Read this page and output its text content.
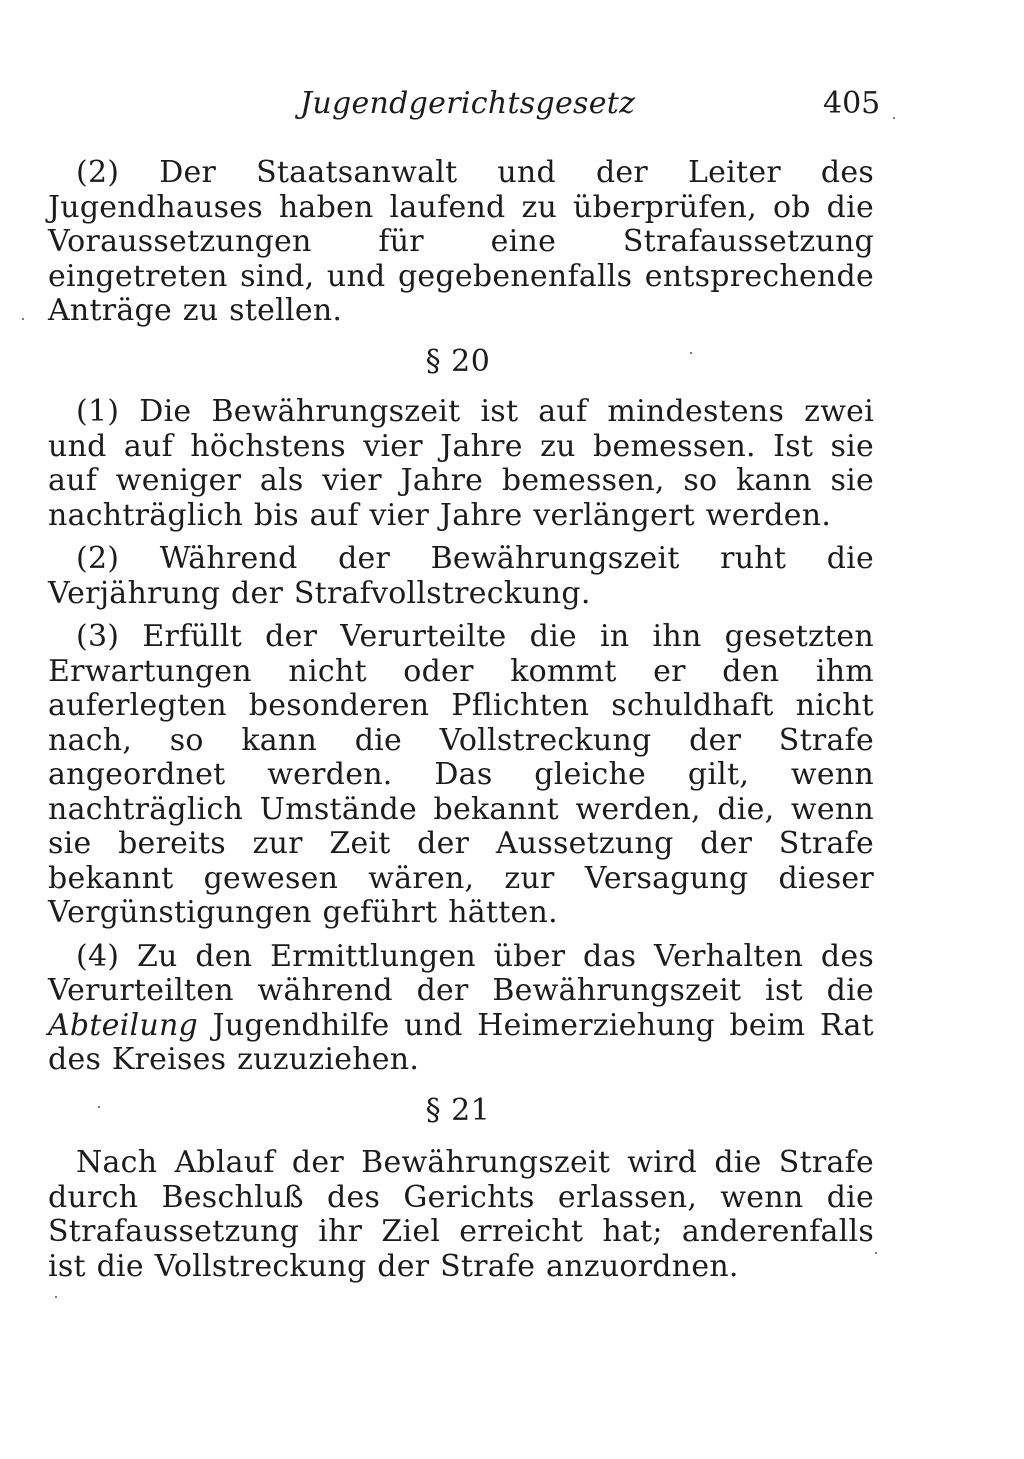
Jugendgerichtsgesetz	405

(2) Der Staatsanwalt und der Leiter des Jugendhauses haben laufend zu überprüfen, ob die Voraussetzungen für eine Strafaussetzung eingetreten sind, und gegebenenfalls entsprechende Anträge zu stellen.

§ 20

(1) Die Bewährungszeit ist auf mindestens zwei und auf höchstens vier Jahre zu bemessen. Ist sie auf weniger als vier Jahre bemessen, so kann sie nachträglich bis auf vier Jahre verlängert werden.

(2) Während der Bewährungszeit ruht die Verjährung der Strafvollstreckung.

(3) Erfüllt der Verurteilte die in ihn gesetzten Erwartungen nicht oder kommt er den ihm auferlegten besonderen Pflichten schuldhaft nicht nach, so kann die Vollstreckung der Strafe angeordnet werden. Das gleiche gilt, wenn nachträglich Umstände bekannt werden, die, wenn sie bereits zur Zeit der Aussetzung der Strafe bekannt gewesen wären, zur Versagung dieser Vergünstigungen geführt hätten.

(4) Zu den Ermittlungen über das Verhalten des Verurteilten während der Bewährungszeit ist die Abteilung Jugendhilfe und Heimerziehung beim Rat des Kreises zuzuziehen.

§ 21

Nach Ablauf der Bewährungszeit wird die Strafe durch Beschluß des Gerichts erlassen, wenn die Strafaussetzung ihr Ziel erreicht hat; anderenfalls ist die Vollstreckung der Strafe anzuordnen.
